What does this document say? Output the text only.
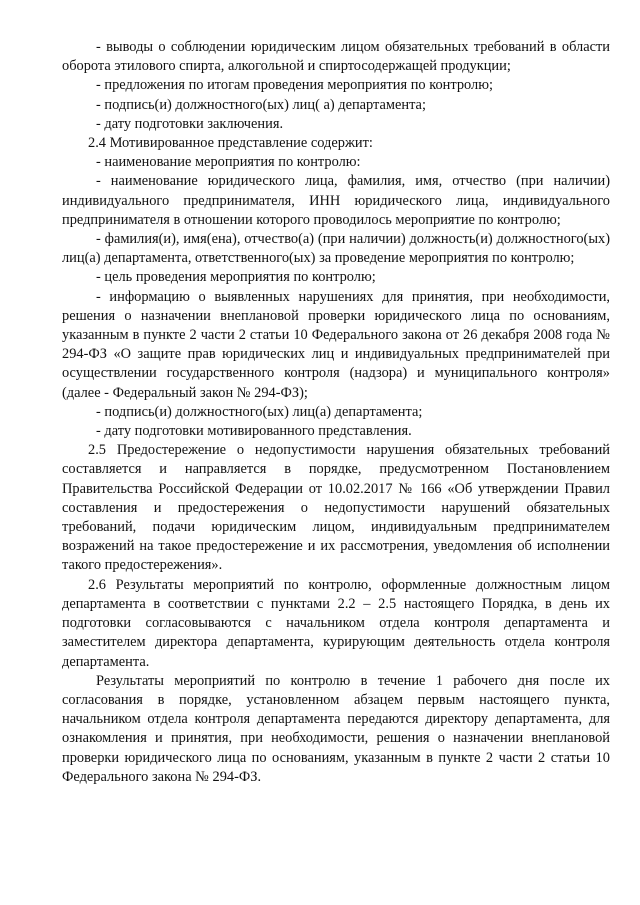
- выводы о соблюдении юридическим лицом обязательных требований в области оборота этилового спирта, алкогольной и спиртосодержащей продукции;

- предложения по итогам проведения мероприятия по контролю;

- подпись(и) должностного(ых) лиц( а) департамента;

- дату подготовки заключения.

2.4 Мотивированное представление содержит:

- наименование мероприятия по контролю:

- наименование юридического лица, фамилия, имя, отчество (при наличии) индивидуального предпринимателя, ИНН юридического лица, индивидуального предпринимателя в отношении которого проводилось мероприятие по контролю;

- фамилия(и), имя(ена), отчество(а) (при наличии) должность(и) должностного(ых) лиц(а) департамента, ответственного(ых) за проведение мероприятия по контролю;

- цель проведения мероприятия по контролю;

- информацию о выявленных нарушениях для принятия, при необходимости, решения о назначении внеплановой проверки юридического лица по основаниям, указанным в пункте 2 части 2 статьи 10 Федерального закона от 26 декабря 2008 года № 294-ФЗ «О защите прав юридических лиц и индивидуальных предпринимателей при осуществлении государственного контроля (надзора) и муниципального контроля» (далее - Федеральный закон № 294-ФЗ);

- подпись(и) должностного(ых) лиц(а) департамента;

- дату подготовки мотивированного представления.

2.5 Предостережение о недопустимости нарушения обязательных требований составляется и направляется в порядке, предусмотренном Постановлением Правительства Российской Федерации от 10.02.2017 № 166 «Об утверждении Правил составления и предостережения о недопустимости нарушений обязательных требований, подачи юридическим лицом, индивидуальным предпринимателем возражений на такое предостережение и их рассмотрения, уведомления об исполнении такого предостережения».

2.6 Результаты мероприятий по контролю, оформленные должностным лицом департамента в соответствии с пунктами 2.2 – 2.5 настоящего Порядка, в день их подготовки согласовываются с начальником отдела контроля департамента и заместителем директора департамента, курирующим деятельность отдела контроля департамента.

Результаты мероприятий по контролю в течение 1 рабочего дня после их согласования в порядке, установленном абзацем первым настоящего пункта, начальником отдела контроля департамента передаются директору департамента, для ознакомления и принятия, при необходимости, решения о назначении внеплановой проверки юридического лица по основаниям, указанным в пункте 2 части 2 статьи 10 Федерального закона № 294-ФЗ.
